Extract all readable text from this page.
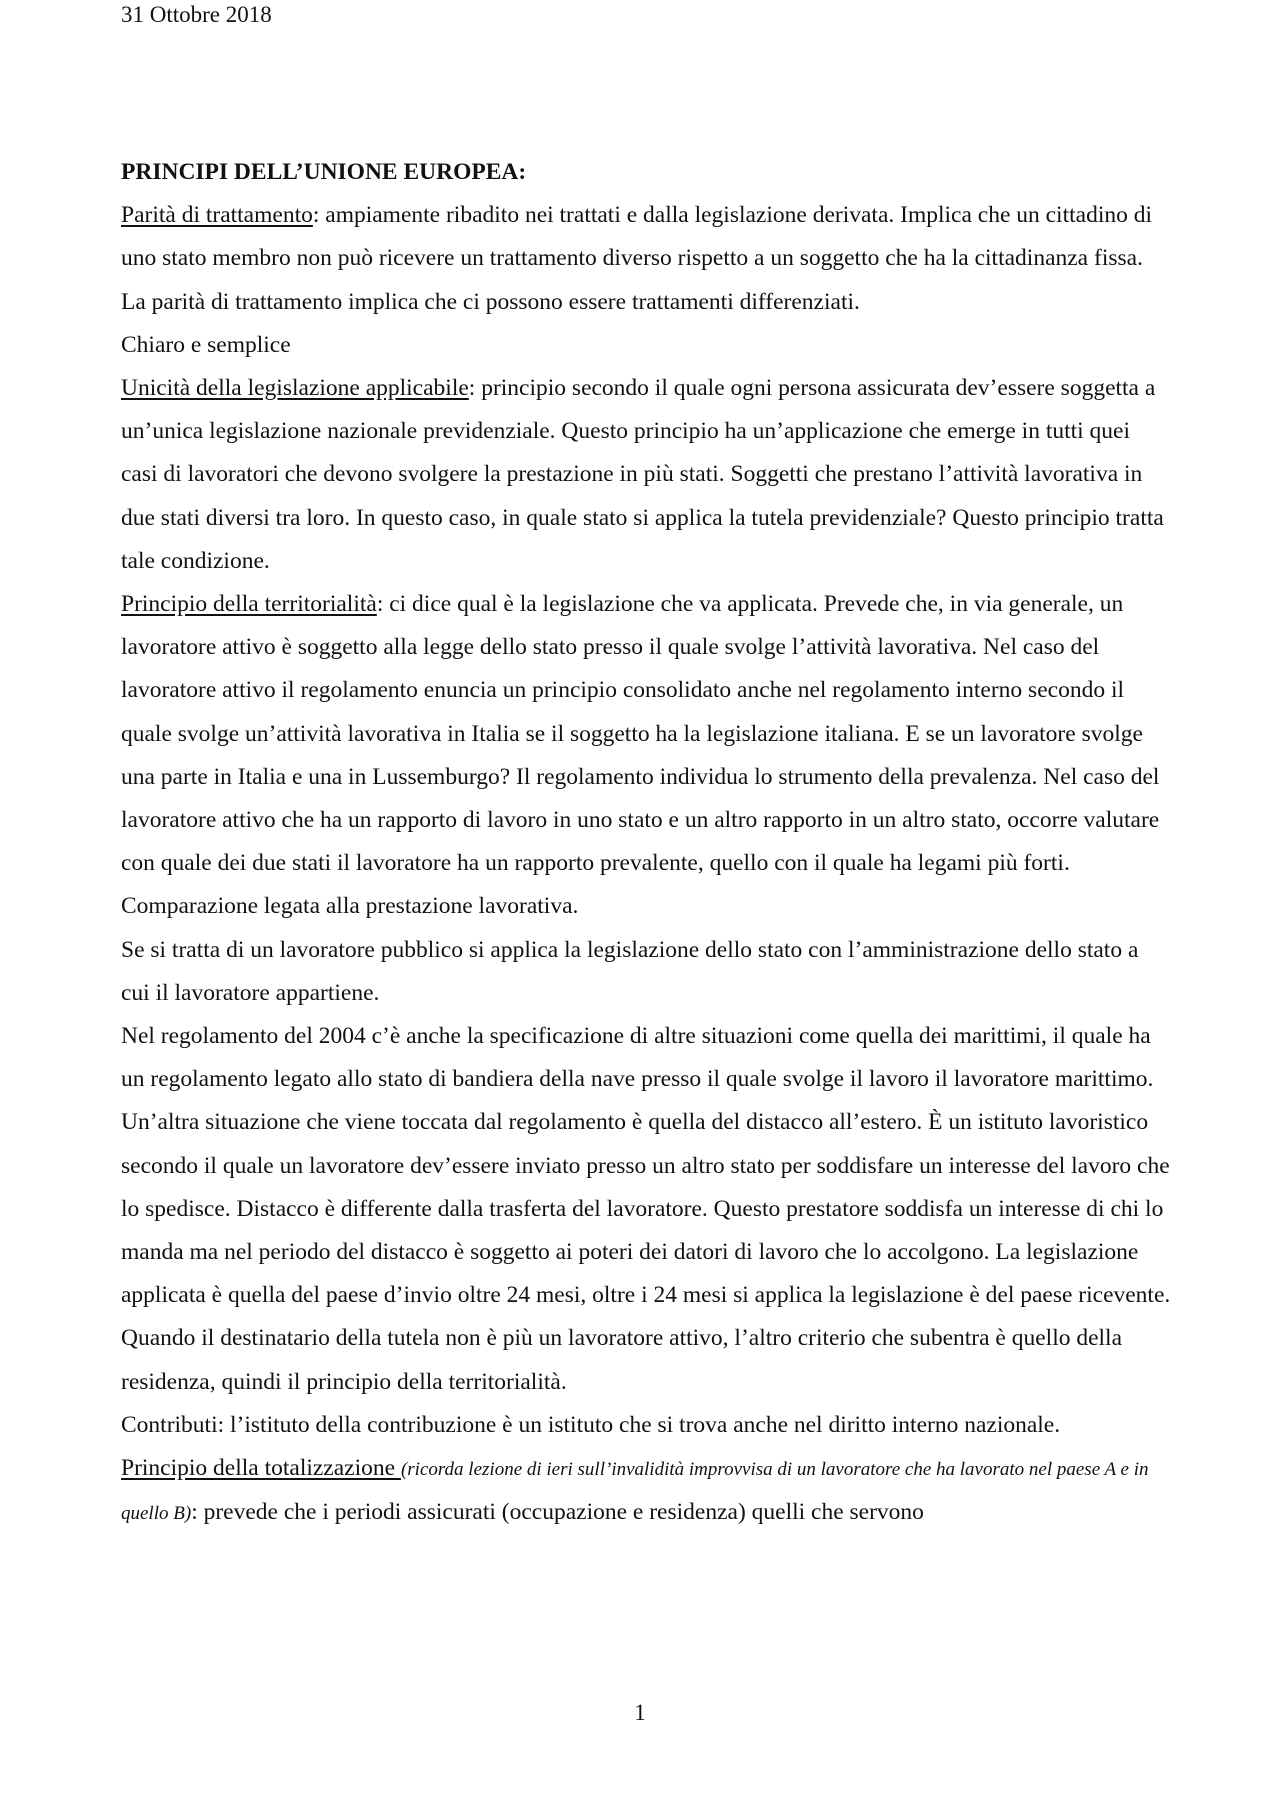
31 Ottobre 2018

PRINCIPI DELL’UNIONE EUROPEA:

Parità di trattamento: ampiamente ribadito nei trattati e dalla legislazione derivata. Implica che un cittadino di uno stato membro non può ricevere un trattamento diverso rispetto a un soggetto che ha la cittadinanza fissa. La parità di trattamento implica che ci possono essere trattamenti differenziati.

Chiaro e semplice

Unicità della legislazione applicabile: principio secondo il quale ogni persona assicurata dev’essere soggetta a un’unica legislazione nazionale previdenziale. Questo principio ha un’applicazione che emerge in tutti quei casi di lavoratori che devono svolgere la prestazione in più stati. Soggetti che prestano l’attività lavorativa in due stati diversi tra loro. In questo caso, in quale stato si applica la tutela previdenziale? Questo principio tratta tale condizione.

Principio della territorialità: ci dice qual è la legislazione che va applicata. Prevede che, in via generale, un lavoratore attivo è soggetto alla legge dello stato presso il quale svolge l’attività lavorativa. Nel caso del lavoratore attivo il regolamento enuncia un principio consolidato anche nel regolamento interno secondo il quale svolge un’attività lavorativa in Italia se il soggetto ha la legislazione italiana. E se un lavoratore svolge una parte in Italia e una in Lussemburgo? Il regolamento individua lo strumento della prevalenza. Nel caso del lavoratore attivo che ha un rapporto di lavoro in uno stato e un altro rapporto in un altro stato, occorre valutare con quale dei due stati il lavoratore ha un rapporto prevalente, quello con il quale ha legami più forti.

Comparazione legata alla prestazione lavorativa.

Se si tratta di un lavoratore pubblico si applica la legislazione dello stato con l’amministrazione dello stato a cui il lavoratore appartiene.

Nel regolamento del 2004 c’è anche la specificazione di altre situazioni come quella dei marittimi, il quale ha un regolamento legato allo stato di bandiera della nave presso il quale svolge il lavoro il lavoratore marittimo.

Un’altra situazione che viene toccata dal regolamento è quella del distacco all’estero. È un istituto lavoristico secondo il quale un lavoratore dev’essere inviato presso un altro stato per soddisfare un interesse del lavoro che lo spedisce. Distacco è differente dalla trasferta del lavoratore. Questo prestatore soddisfa un interesse di chi lo manda ma nel periodo del distacco è soggetto ai poteri dei datori di lavoro che lo accolgono. La legislazione applicata è quella del paese d’invio oltre 24 mesi, oltre i 24 mesi si applica la legislazione è del paese ricevente.

Quando il destinatario della tutela non è più un lavoratore attivo, l’altro criterio che subentra è quello della residenza, quindi il principio della territorialità.

Contributi: l’istituto della contribuzione è un istituto che si trova anche nel diritto interno nazionale.

Principio della totalizzazione (ricorda lezione di ieri sull’invalidità improvvisa di un lavoratore che ha lavorato nel paese A e in quello B): prevede che i periodi assicurati (occupazione e residenza) quelli che servono

1
